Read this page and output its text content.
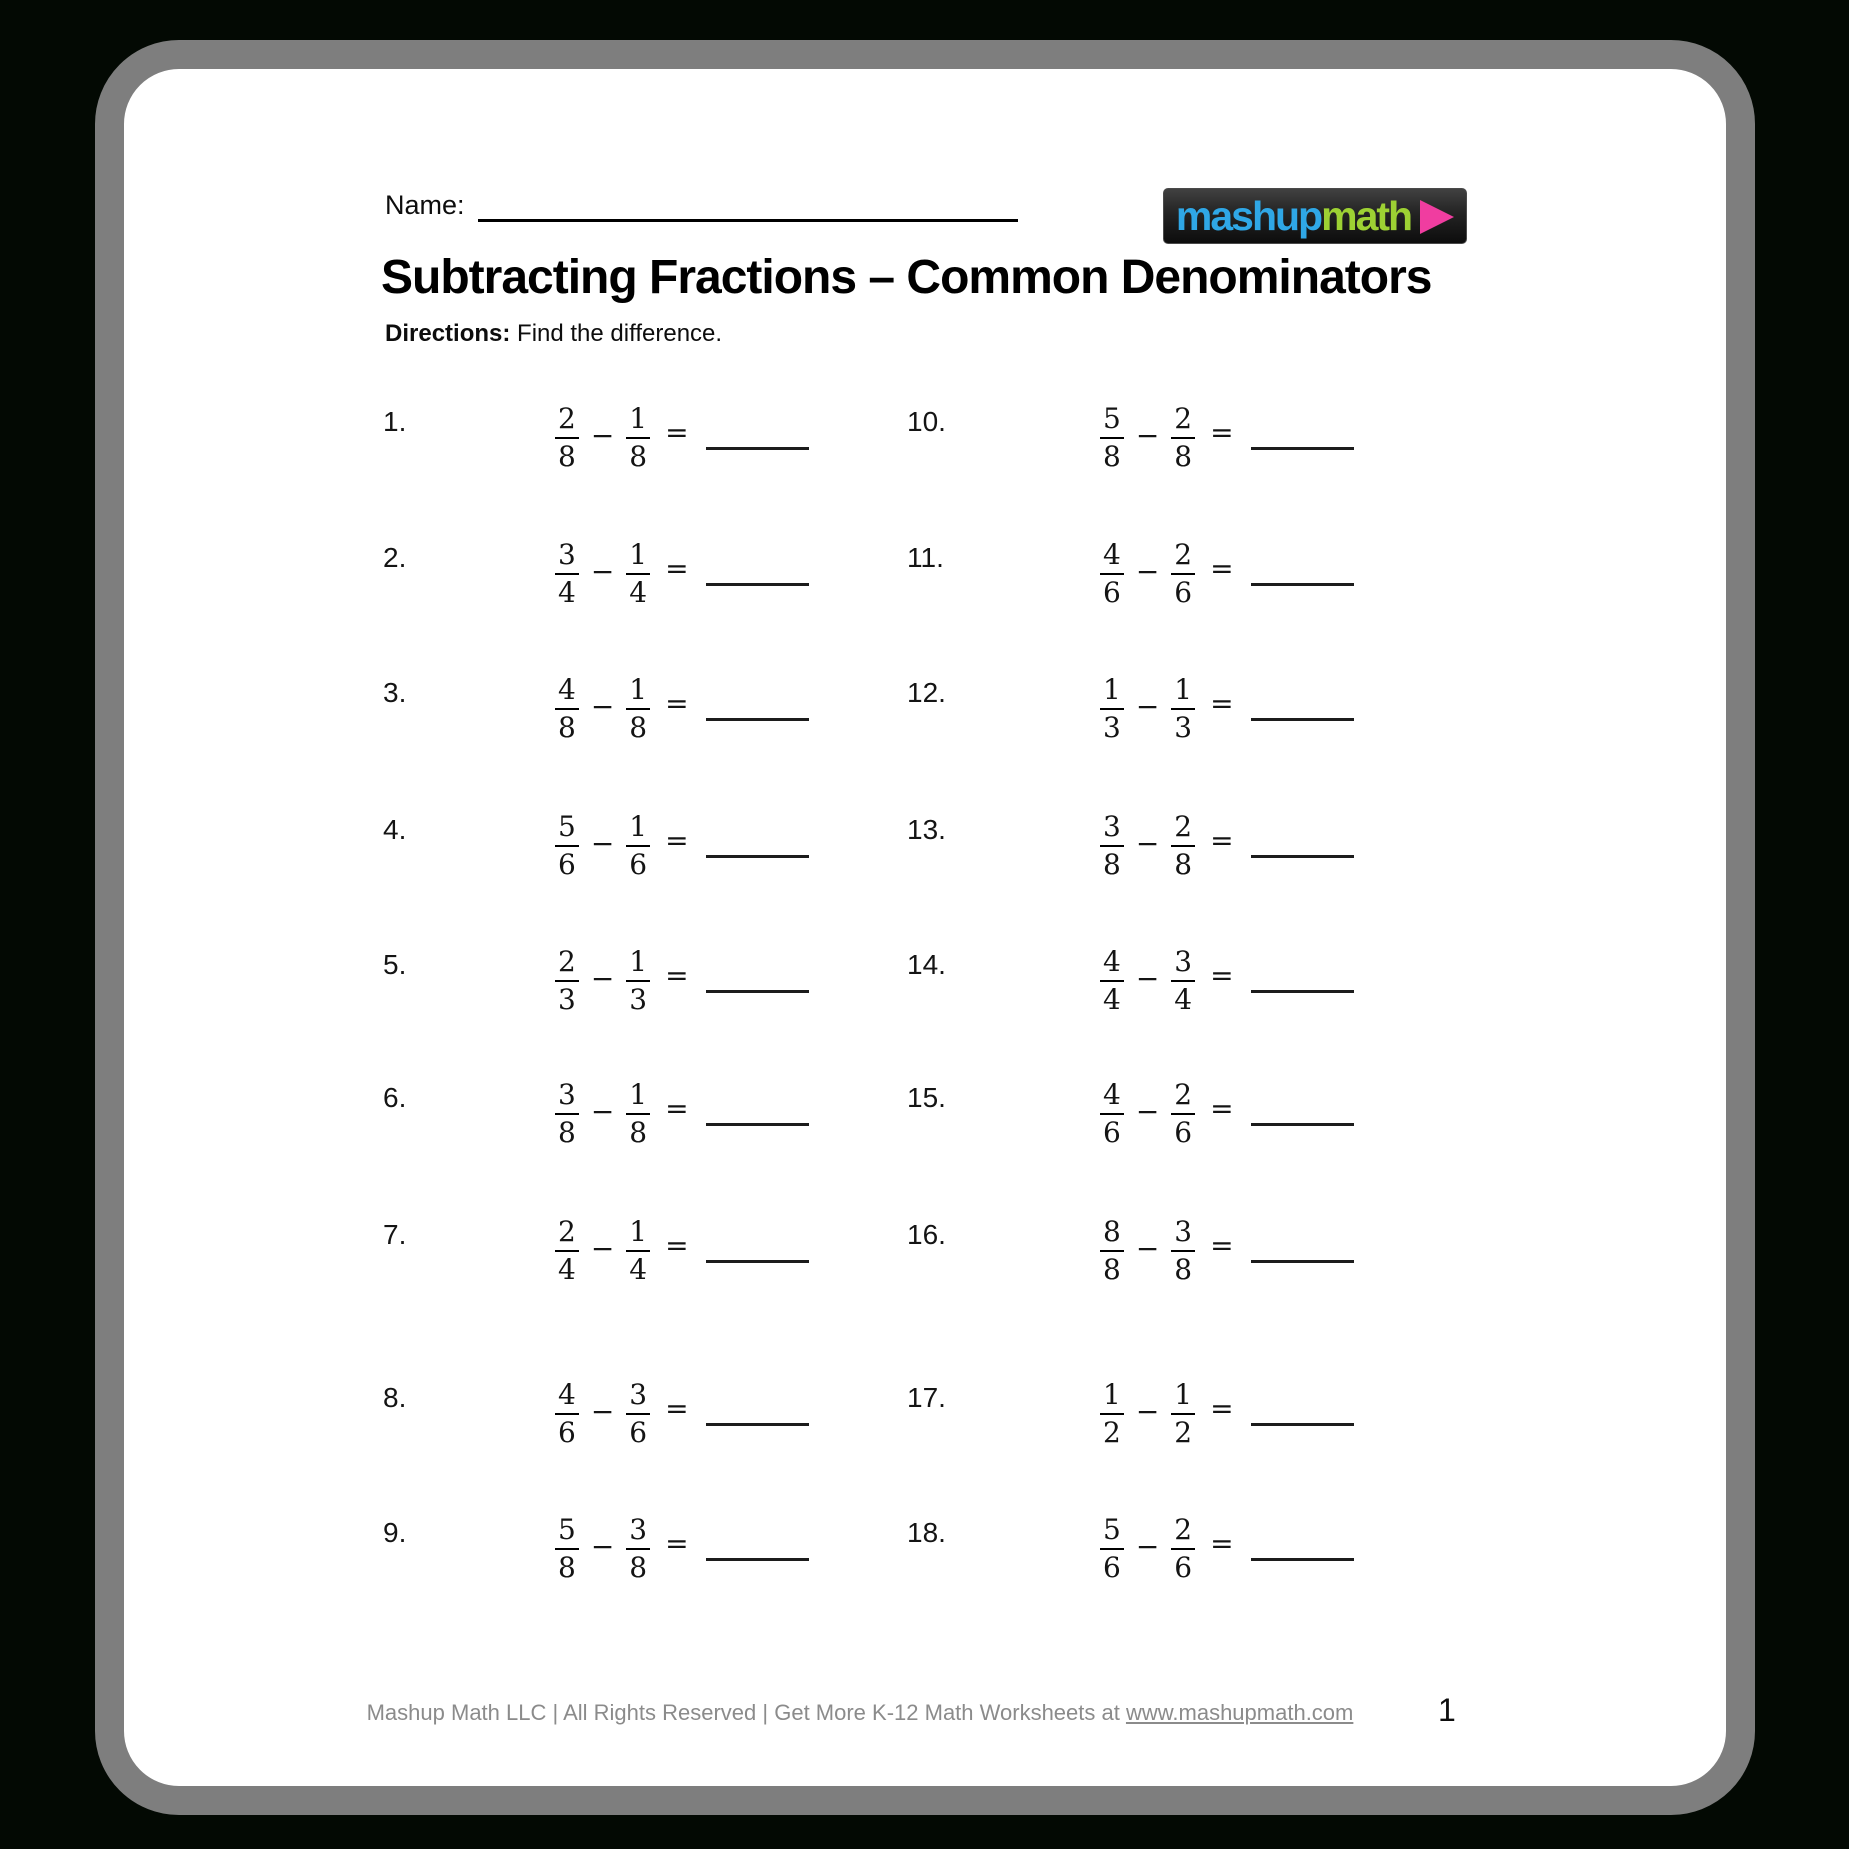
Name:	mashup math
Subtracting Fractions – Common Denominators
Directions: Find the difference.
1.	$\frac{2}{8} - \frac{1}{8}$ =
2.	$\frac{3}{4} - \frac{1}{4}$ =
3.	$\frac{4}{8} - \frac{1}{8}$ =
4.	$\frac{5}{6} - \frac{1}{6}$ =
5.	$\frac{2}{3} - \frac{1}{3}$ =
6.	$\frac{3}{8} - \frac{1}{8}$ =
7.	$\frac{2}{4} - \frac{1}{4}$ =
8.	$\frac{4}{6} - \frac{3}{6}$ =
9.	$\frac{5}{8} - \frac{3}{8}$ =
10.	$\frac{5}{8} - \frac{2}{8}$ =
11.	$\frac{4}{6} - \frac{2}{6}$ =
12.	$\frac{1}{3} - \frac{1}{3}$ =
13.	$\frac{3}{8} - \frac{2}{8}$ =
14.	$\frac{4}{4} - \frac{3}{4}$ =
15.	$\frac{4}{6} - \frac{2}{6}$ =
16.	$\frac{8}{8} - \frac{3}{8}$ =
17.	$\frac{1}{2} - \frac{1}{2}$ =
18.	$\frac{5}{6} - \frac{2}{6}$ =
Mashup Math LLC | All Rights Reserved | Get More K-12 Math Worksheets at www.mashupmath.com	1
